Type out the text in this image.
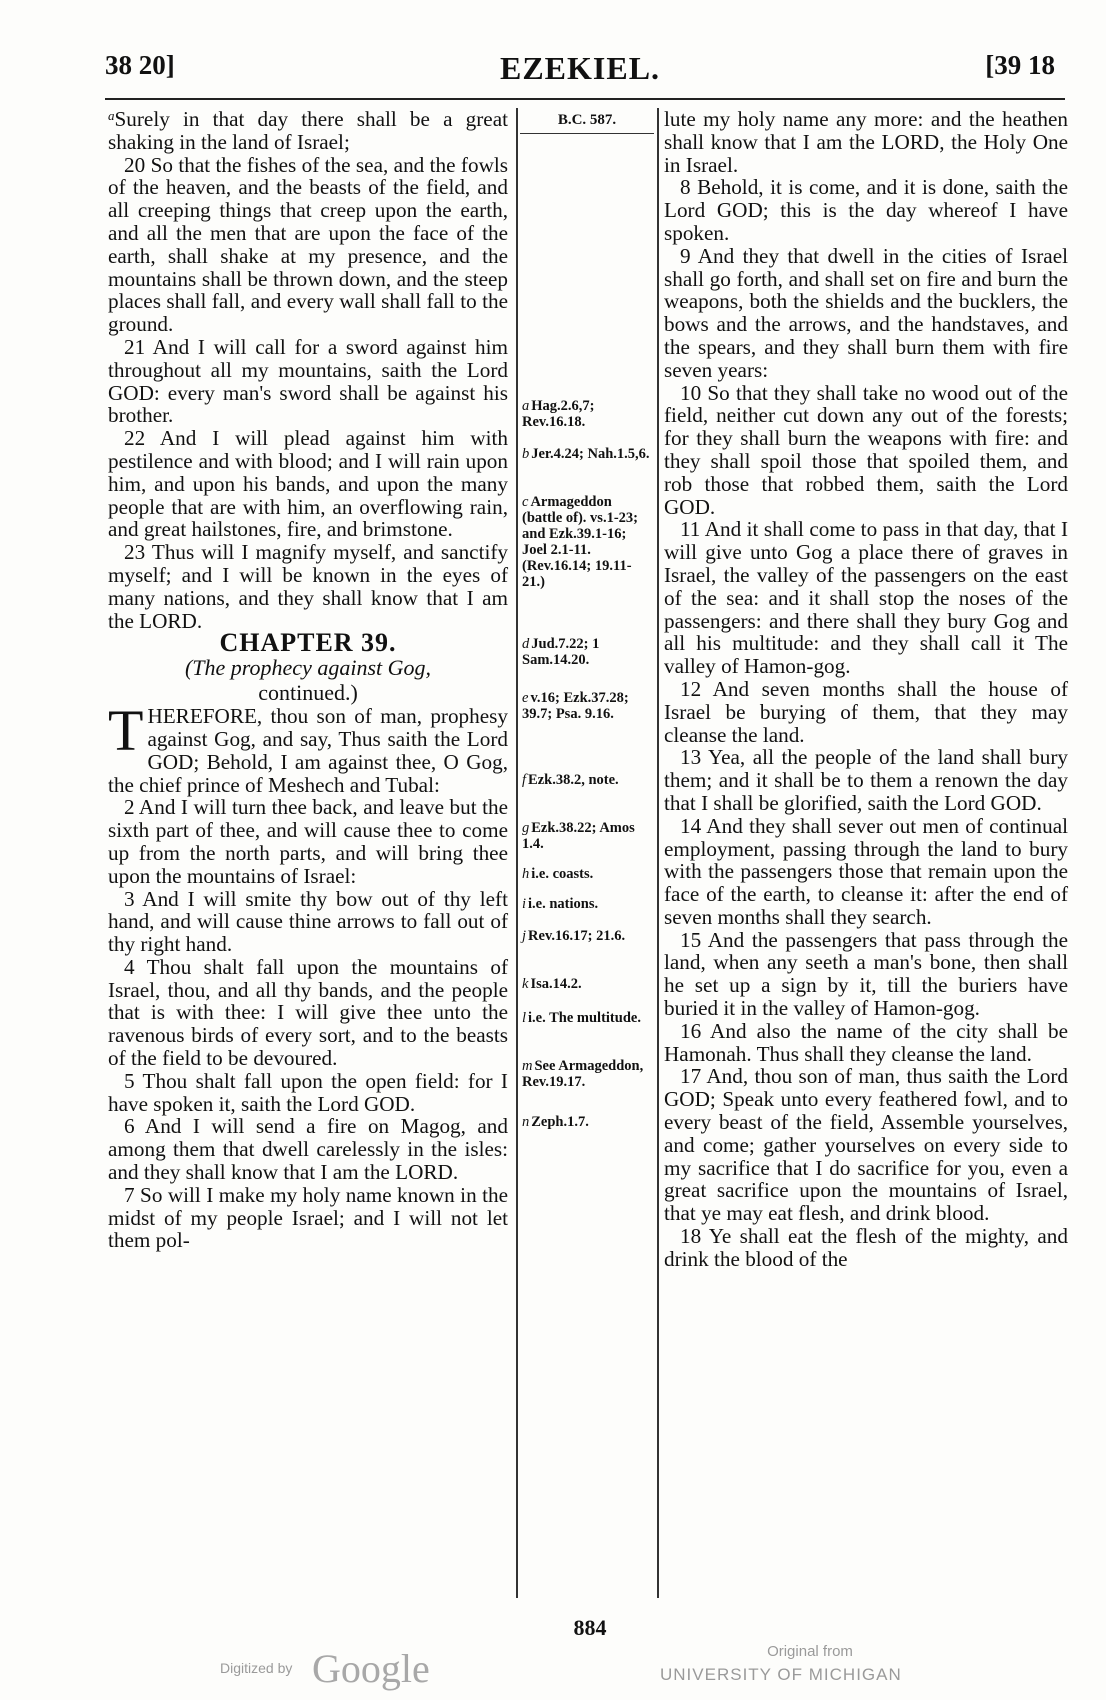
38 20]	EZEKIEL.	[39 18

$^a$Surely in that day there shall be a great shaking in the land of Israel;

20 So that the fishes of the sea, and the fowls of the heaven, and the beasts of the field, and all creeping things that creep upon the earth, and all the men that are upon the face of the earth, shall shake at my presence, and the mountains shall be thrown down, and the steep places shall fall, and every wall shall fall to the ground.

21 And I will call for a sword against him throughout all my mountains, saith the Lord GOD: every man's sword shall be against his brother.

22 And I will plead against him with pestilence and with blood; and I will rain upon him, and upon his bands, and upon the many people that are with him, an overflowing rain, and great hailstones, fire, and brimstone.

23 Thus will I magnify myself, and sanctify myself; and I will be known in the eyes of many nations, and they shall know that I am the LORD.

CHAPTER 39.

(The prophecy against Gog,
continued.)

THEREFORE, thou son of man, prophesy against Gog, and say, Thus saith the Lord GOD; Behold, I am against thee, O Gog, the chief prince of Meshech and Tubal:

2 And I will turn thee back, and leave but the sixth part of thee, and will cause thee to come up from the north parts, and will bring thee upon the mountains of Israel:

3 And I will smite thy bow out of thy left hand, and will cause thine arrows to fall out of thy right hand.

4 Thou shalt fall upon the mountains of Israel, thou, and all thy bands, and the people that is with thee: I will give thee unto the ravenous birds of every sort, and to the beasts of the field to be devoured.

5 Thou shalt fall upon the open field: for I have spoken it, saith the Lord GOD.

6 And I will send a fire on Magog, and among them that dwell carelessly in the isles: and they shall know that I am the LORD.

7 So will I make my holy name known in the midst of my people Israel; and I will not let them pol-

B.C. 587.
a Hag.2.6,7; Rev.16.18.
b Jer.4.24; Nah.1.5,6.
c Armageddon (battle of). vs.1-23; and Ezk.39.1-16; Joel 2.1-11. (Rev.16.14; 19.11-21.)
d Jud.7.22; 1 Sam.14.20.
e v.16; Ezk.37.28; 39.7; Psa. 9.16.
f Ezk.38.2, note.
g Ezk.38.22; Amos 1.4.
h i.e. coasts.
i i.e. nations.
j Rev.16.17; 21.6.
k Isa.14.2.
l i.e. The multitude.
m See Armageddon, Rev.19.17.
n Zeph.1.7.

lute my holy name any more: and the heathen shall know that I am the LORD, the Holy One in Israel.

8 Behold, it is come, and it is done, saith the Lord GOD; this is the day whereof I have spoken.

9 And they that dwell in the cities of Israel shall go forth, and shall set on fire and burn the weapons, both the shields and the bucklers, the bows and the arrows, and the handstaves, and the spears, and they shall burn them with fire seven years:

10 So that they shall take no wood out of the field, neither cut down any out of the forests; for they shall burn the weapons with fire: and they shall spoil those that spoiled them, and rob those that robbed them, saith the Lord GOD.

11 And it shall come to pass in that day, that I will give unto Gog a place there of graves in Israel, the valley of the passengers on the east of the sea: and it shall stop the noses of the passengers: and there shall they bury Gog and all his multitude: and they shall call it The valley of Hamon-gog.

12 And seven months shall the house of Israel be burying of them, that they may cleanse the land.

13 Yea, all the people of the land shall bury them; and it shall be to them a renown the day that I shall be glorified, saith the Lord GOD.

14 And they shall sever out men of continual employment, passing through the land to bury with the passengers those that remain upon the face of the earth, to cleanse it: after the end of seven months shall they search.

15 And the passengers that pass through the land, when any seeth a man's bone, then shall he set up a sign by it, till the buriers have buried it in the valley of Hamon-gog.

16 And also the name of the city shall be Hamonah. Thus shall they cleanse the land.

17 And, thou son of man, thus saith the Lord GOD; Speak unto every feathered fowl, and to every beast of the field, Assemble yourselves, and come; gather yourselves on every side to my sacrifice that I do sacrifice for you, even a great sacrifice upon the mountains of Israel, that ye may eat flesh, and drink blood.

18 Ye shall eat the flesh of the mighty, and drink the blood of the

884
Digitized by Google	Original from
UNIVERSITY OF MICHIGAN
